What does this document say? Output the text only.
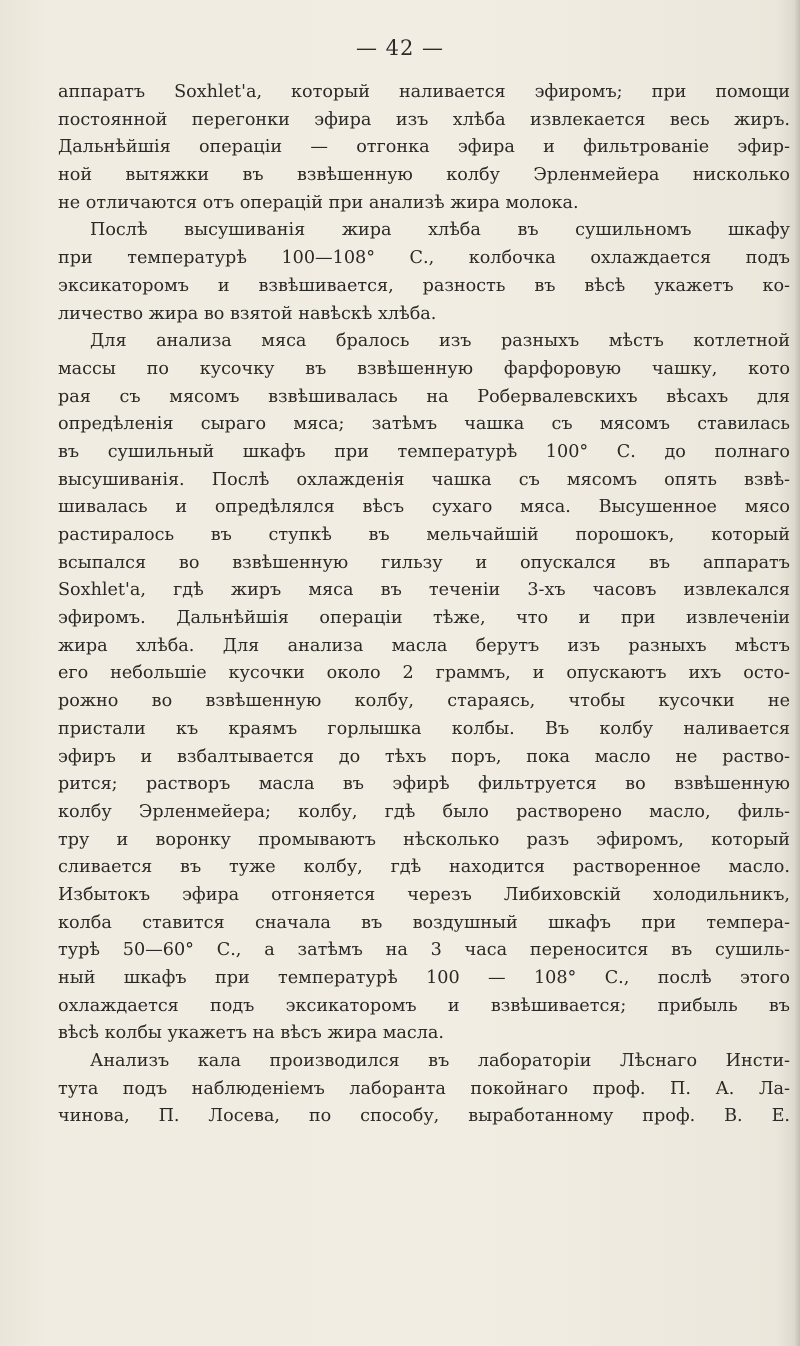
— 42 —

аппаратъ Soxhlet'a, который наливается эфиромъ; при помощи
постоянной перегонки эфира изъ хлѣба извлекается весь жиръ.
Дальнѣйшія операціи — отгонка эфира и фильтрованіе эфир-
ной вытяжки въ взвѣшенную колбу Эрленмейера нисколько
не отличаются отъ операцій при анализѣ жира молока.

Послѣ высушиванія жира хлѣба въ сушильномъ шкафу
при температурѣ 100—108° С., колбочка охлаждается подъ
эксикаторомъ и взвѣшивается, разность въ вѣсѣ укажетъ ко-
личество жира во взятой навѣскѣ хлѣба.

Для анализа мяса бралось изъ разныхъ мѣстъ котлетной
массы по кусочку въ взвѣшенную фарфоровую чашку, кото
рая съ мясомъ взвѣшивалась на Робервалевскихъ вѣсахъ для
опредѣленія сыраго мяса; затѣмъ чашка съ мясомъ ставилась
въ сушильный шкафъ при температурѣ 100° С. до полнаго
высушиванія. Послѣ охлажденія чашка съ мясомъ опять взвѣ-
шивалась и опредѣлялся вѣсъ сухаго мяса. Высушенное мясо
растиралось въ ступкѣ въ мельчайшій порошокъ, который
всыпался во взвѣшенную гильзу и опускался въ аппаратъ
Soxhlet'a, гдѣ жиръ мяса въ теченіи 3-хъ часовъ извлекался
эфиромъ. Дальнѣйшія операціи тѣже, что и при извлеченіи
жира хлѣба. Для анализа масла берутъ изъ разныхъ мѣстъ
его небольшіе кусочки около 2 граммъ, и опускаютъ ихъ осто-
рожно во взвѣшенную колбу, стараясь, чтобы кусочки не
пристали къ краямъ горлышка колбы. Въ колбу наливается
эфиръ и взбалтывается до тѣхъ поръ, пока масло не раство-
рится; растворъ масла въ эфирѣ фильтруется во взвѣшенную
колбу Эрленмейера; колбу, гдѣ было растворено масло, филь-
тру и воронку промываютъ нѣсколько разъ эфиромъ, который
сливается въ туже колбу, гдѣ находится растворенное масло.
Избытокъ эфира отгоняется черезъ Либиховскій холодильникъ,
колба ставится сначала въ воздушный шкафъ при темпера-
турѣ 50—60° С., а затѣмъ на 3 часа переносится въ сушиль-
ный шкафъ при температурѣ 100 — 108° С., послѣ этого
охлаждается подъ эксикаторомъ и взвѣшивается; прибыль въ
вѣсѣ колбы укажетъ на вѣсъ жира масла.

Анализъ кала производился въ лабораторіи Лѣснаго Инсти-
тута подъ наблюденіемъ лаборанта покойнаго проф. П. А. Ла-
чинова, П. Лосева, по способу, выработанному проф. В. Е.
